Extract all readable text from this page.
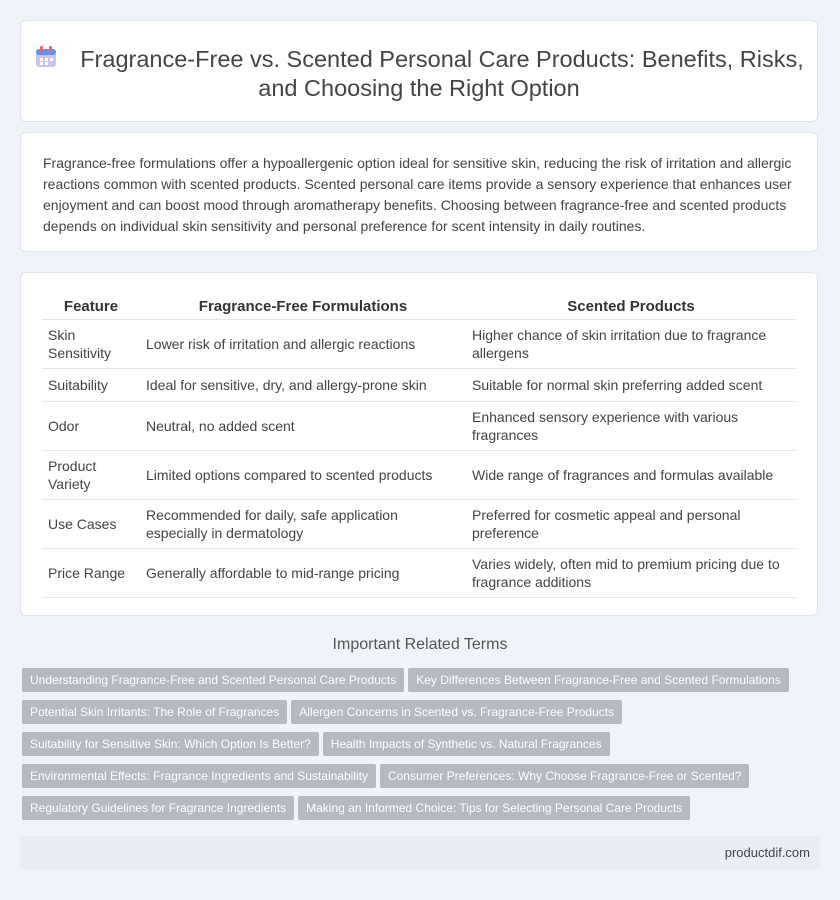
Fragrance-Free vs. Scented Personal Care Products: Benefits, Risks, and Choosing the Right Option
Fragrance-free formulations offer a hypoallergenic option ideal for sensitive skin, reducing the risk of irritation and allergic reactions common with scented products. Scented personal care items provide a sensory experience that enhances user enjoyment and can boost mood through aromatherapy benefits. Choosing between fragrance-free and scented products depends on individual skin sensitivity and personal preference for scent intensity in daily routines.
Feature	Fragrance-Free Formulations	Scented Products
Skin Sensitivity	Lower risk of irritation and allergic reactions	Higher chance of skin irritation due to fragrance allergens
Suitability	Ideal for sensitive, dry, and allergy-prone skin	Suitable for normal skin preferring added scent
Odor	Neutral, no added scent	Enhanced sensory experience with various fragrances
Product Variety	Limited options compared to scented products	Wide range of fragrances and formulas available
Use Cases	Recommended for daily, safe application especially in dermatology	Preferred for cosmetic appeal and personal preference
Price Range	Generally affordable to mid-range pricing	Varies widely, often mid to premium pricing due to fragrance additions
Important Related Terms
Understanding Fragrance-Free and Scented Personal Care Products Key Differences Between Fragrance-Free and Scented Formulations
Potential Skin Irritants: The Role of Fragrances Allergen Concerns in Scented vs. Fragrance-Free Products
Suitability for Sensitive Skin: Which Option Is Better? Health Impacts of Synthetic vs. Natural Fragrances
Environmental Effects: Fragrance Ingredients and Sustainability Consumer Preferences: Why Choose Fragrance-Free or Scented?
Regulatory Guidelines for Fragrance Ingredients Making an Informed Choice: Tips for Selecting Personal Care Products
productdif.com
